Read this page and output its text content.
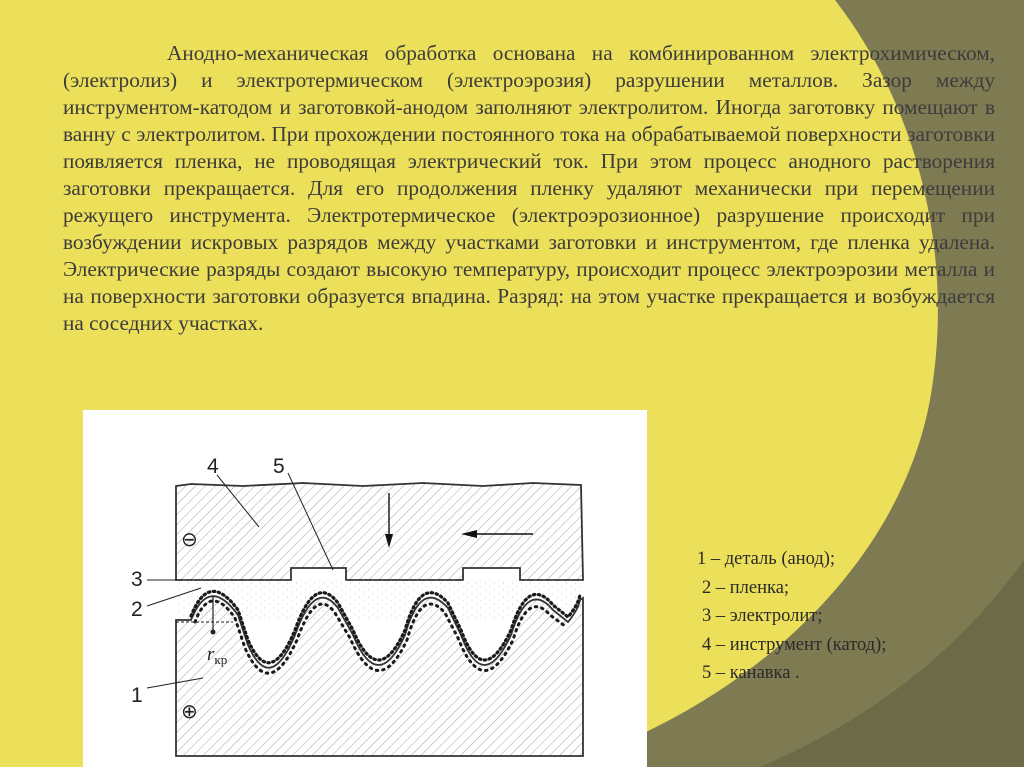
Анодно-механическая обработка основана на комбинированном электрохимическом, (электролиз) и электротермическом (электроэрозия) разрушении металлов. Зазор между инструментом-катодом и заготовкой-анодом заполняют электролитом. Иногда заготовку помещают в ванну с электролитом. При прохождении постоянного тока на обрабатываемой поверхности заготовки появляется пленка, не проводящая электрический ток. При этом процесс анодного растворения заготовки прекращается. Для его продолжения пленку удаляют механически при перемещении режущего инструмента. Электротермическое (электроэрозионное) разрушение происходит при возбуждении искровых разрядов между участками заготовки и инструментом, где пленка удалена. Электрические разряды создают высокую температуру, происходит процесс электроэрозии металла и на поверхности заготовки образуется впадина. Разряд: на этом участке прекращается и возбуждается на соседних участках.

4	5
3
2
1
$r_{кр}$
⊖
⊕
1 – деталь (анод);
2 – пленка;
3 – электролит;
4 – инструмент (катод);
5 – канавка .
